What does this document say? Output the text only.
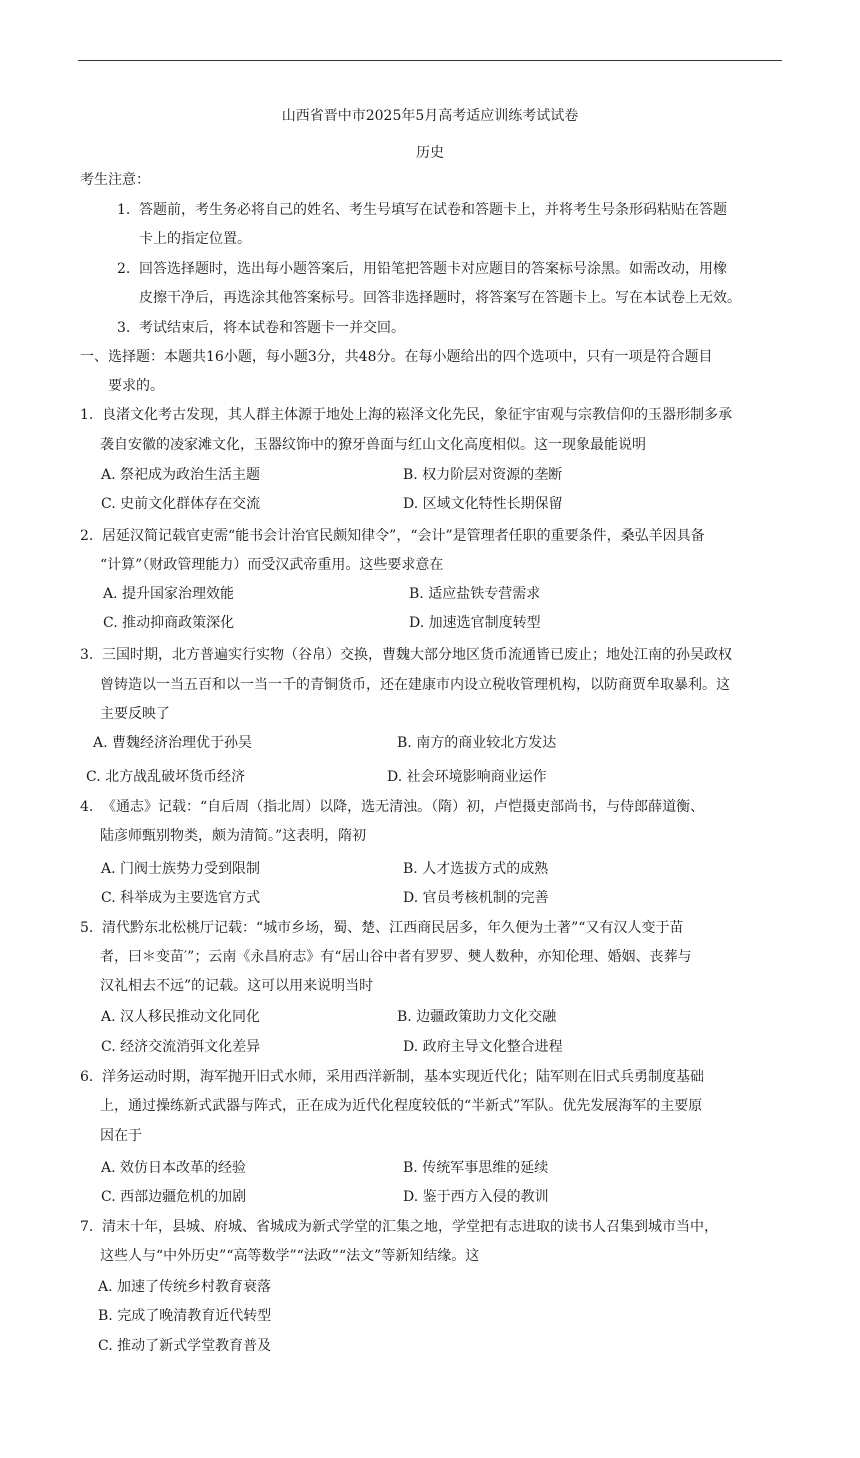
山西省晋中市2025年5月高考适应训练考试试卷
历史
考生注意：
1. 答题前，考生务必将自己的姓名、考生号填写在试卷和答题卡上，并将考生号条形码粘贴在答题
卡上的指定位置。
2. 回答选择题时，选出每小题答案后，用铅笔把答题卡对应题目的答案标号涂黑。如需改动，用橡
皮擦干净后，再选涂其他答案标号。回答非选择题时，将答案写在答题卡上。写在本试卷上无效。
3. 考试结束后，将本试卷和答题卡一并交回。
一、选择题：本题共16小题，每小题3分，共48分。在每小题给出的四个选项中，只有一项是符合题目
要求的。
1. 良渚文化考古发现，其人群主体源于地处上海的崧泽文化先民，象征宇宙观与宗教信仰的玉器形制多承
袭自安徽的凌家滩文化，玉器纹饰中的獠牙兽面与红山文化高度相似。这一现象最能说明
A. 祭祀成为政治生活主题	B. 权力阶层对资源的垄断
C. 史前文化群体存在交流	D. 区域文化特性长期保留
2. 居延汉简记载官吏需“能书会计治官民颇知律令”，“会计”是管理者任职的重要条件，桑弘羊因具备
“计算”（财政管理能力）而受汉武帝重用。这些要求意在
A. 提升国家治理效能	B. 适应盐铁专营需求
C. 推动抑商政策深化	D. 加速选官制度转型
3. 三国时期，北方普遍实行实物（谷帛）交换，曹魏大部分地区货币流通皆已废止；地处江南的孙吴政权
曾铸造以一当五百和以一当一千的青铜货币，还在建康市内设立税收管理机构，以防商贾牟取暴利。这
主要反映了
A. 曹魏经济治理优于孙吴	B. 南方的商业较北方发达
C. 北方战乱破坏货币经济	D. 社会环境影响商业运作
4. 《通志》记载：“自后周（指北周）以降，选无清浊。（隋）初，卢恺摄吏部尚书，与侍郎薛道衡、
陆彦师甄别物类，颇为清简。”这表明，隋初
A. 门阀士族势力受到限制	B. 人才选拔方式的成熟
C. 科举成为主要选官方式	D. 官员考核机制的完善
5. 清代黔东北松桃厅记载：“城市乡场，蜀、楚、江西商民居多，年久便为土著”“又有汉人变于苗
者，曰＊变苗′”；云南《永昌府志》有“居山谷中者有罗罗、僰人数种，亦知伦理、婚姻、丧葬与
汉礼相去不远”的记载。这可以用来说明当时
A. 汉人移民推动文化同化	B. 边疆政策助力文化交融
C. 经济交流消弭文化差异	D. 政府主导文化整合进程
6. 洋务运动时期，海军抛开旧式水师，采用西洋新制，基本实现近代化；陆军则在旧式兵勇制度基础
上，通过操练新式武器与阵式，正在成为近代化程度较低的“半新式”军队。优先发展海军的主要原
因在于
A. 效仿日本改革的经验	B. 传统军事思维的延续
C. 西部边疆危机的加剧	D. 鉴于西方入侵的教训
7. 清末十年，县城、府城、省城成为新式学堂的汇集之地，学堂把有志进取的读书人召集到城市当中，
这些人与“中外历史”“高等数学”“法政”“法文”等新知结缘。这
A. 加速了传统乡村教育衰落
B. 完成了晚清教育近代转型
C. 推动了新式学堂教育普及
